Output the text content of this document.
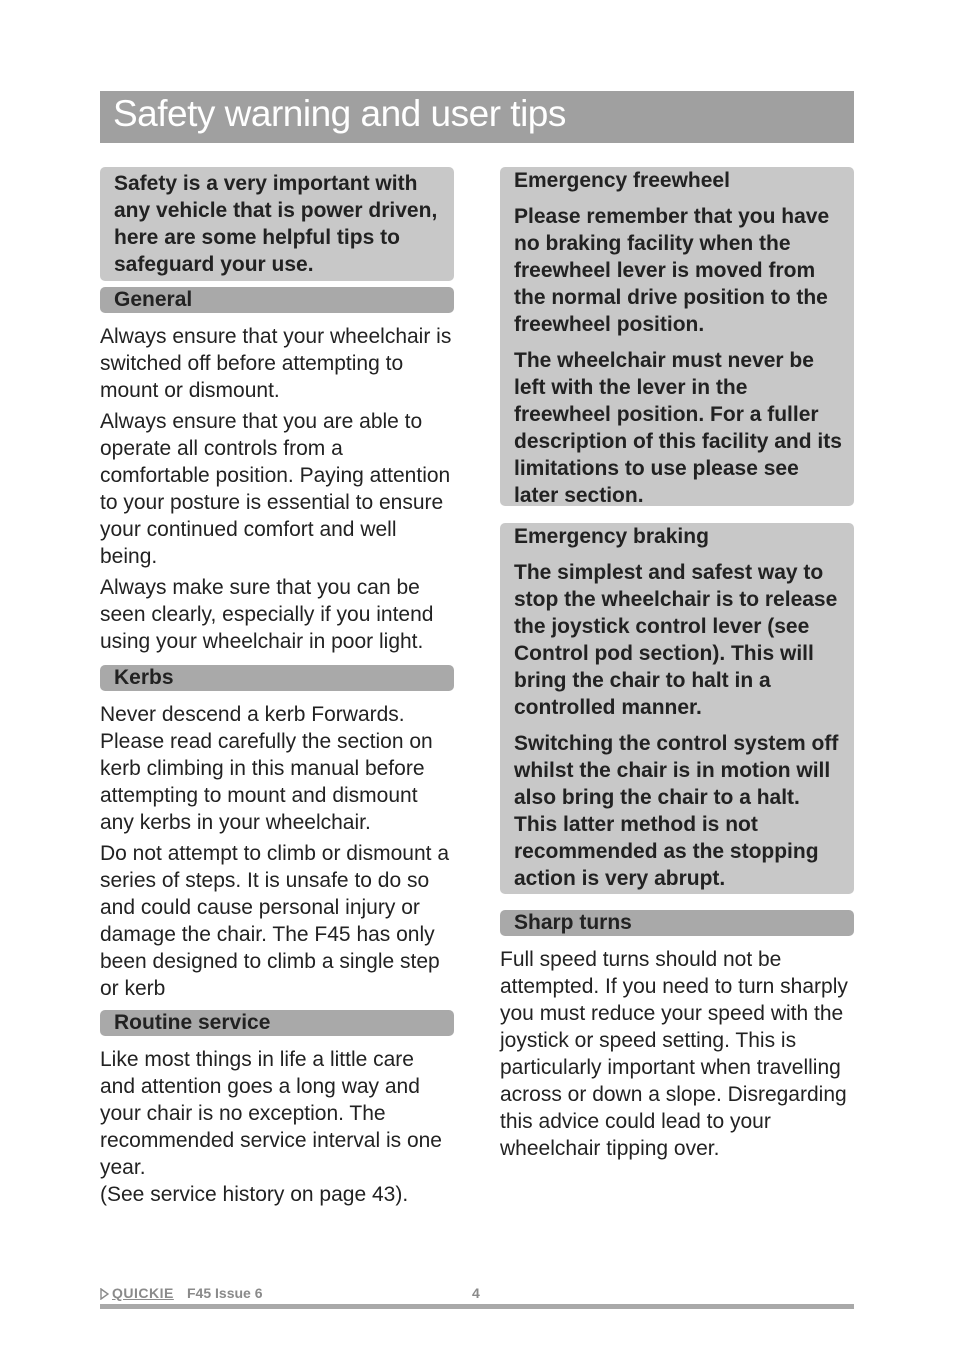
Safety warning and user tips

Safety is a very important with any vehicle that is power driven, here are some helpful tips to safeguard your use.

General

Always ensure that your wheelchair is switched off before attempting to mount or dismount.

Always ensure that you are able to operate all controls from a comfortable position. Paying attention to your posture is essential to ensure your continued comfort and well being.

Always make sure that you can be seen clearly, especially if you intend using your wheelchair in poor light.

Kerbs

Never descend a kerb Forwards. Please read carefully the section on kerb climbing in this manual before attempting to mount and dismount any kerbs in your wheelchair.

Do not attempt to climb or dismount a series of steps. It is unsafe to do so and could cause personal injury or damage the chair. The F45 has only been designed to climb a single step or kerb

Routine service

Like most things in life a little care and attention goes a long way and your chair is no exception. The recommended service interval is one year.

(See service history on page 43).

Emergency freewheel

Please remember that you have no braking facility when the freewheel lever is moved from the normal drive position to the freewheel position.

The wheelchair must never be left with the lever in the freewheel position. For a fuller description of this facility and its limitations to use please see later section.

Emergency braking

The simplest and safest way to stop the wheelchair is to release the joystick control lever (see Control pod section). This will bring the chair to halt in a controlled manner.

Switching the control system off whilst the chair is in motion will also bring the chair to a halt. This latter method is not recommended as the stopping action is very abrupt.

Sharp turns

Full speed turns should not be attempted. If you need to turn sharply you must reduce your speed with the joystick or speed setting. This is particularly important when travelling across or down a slope. Disregarding this advice could lead to your wheelchair tipping over.

QUICKIE F45 Issue 6	4
